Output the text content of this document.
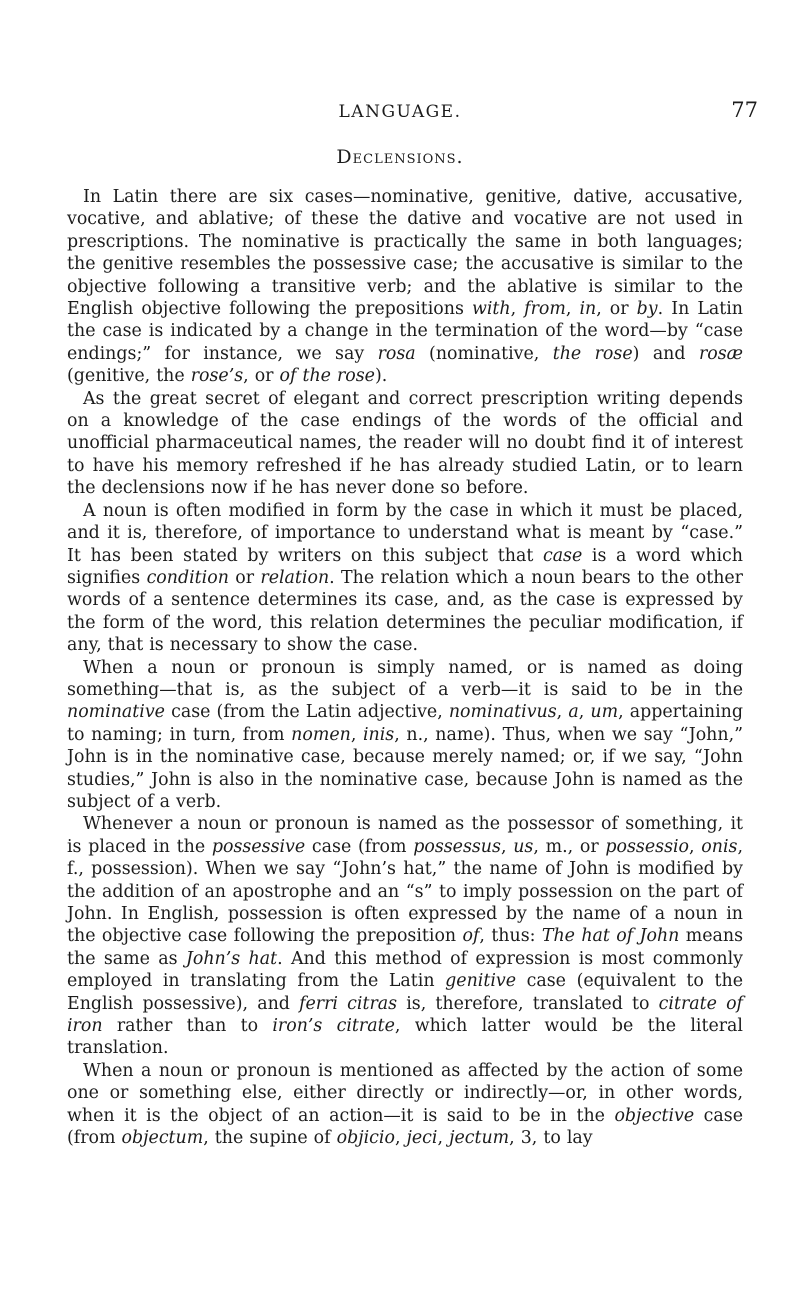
LANGUAGE.	77
Declensions.

In Latin there are six cases—nominative, genitive, dative, accusative, vocative, and ablative; of these the dative and vocative are not used in prescriptions. The nominative is practically the same in both languages; the genitive resembles the possessive case; the accusative is similar to the objective following a transitive verb; and the ablative is similar to the English objective following the prepositions with, from, in, or by. In Latin the case is indicated by a change in the termination of the word—by “case endings;” for instance, we say rosa (nominative, the rose) and rosæ (genitive, the rose’s, or of the rose).

As the great secret of elegant and correct prescription writing depends on a knowledge of the case endings of the words of the official and unofficial pharmaceutical names, the reader will no doubt find it of interest to have his memory refreshed if he has already studied Latin, or to learn the declensions now if he has never done so before.

A noun is often modified in form by the case in which it must be placed, and it is, therefore, of importance to understand what is meant by “case.” It has been stated by writers on this subject that case is a word which signifies condition or relation. The relation which a noun bears to the other words of a sentence determines its case, and, as the case is expressed by the form of the word, this relation determines the peculiar modification, if any, that is necessary to show the case.

When a noun or pronoun is simply named, or is named as doing something—that is, as the subject of a verb—it is said to be in the nominative case (from the Latin adjective, nominativus, a, um, appertaining to naming; in turn, from nomen, inis, n., name). Thus, when we say “John,” John is in the nominative case, because merely named; or, if we say, “John studies,” John is also in the nominative case, because John is named as the subject of a verb.

Whenever a noun or pronoun is named as the possessor of something, it is placed in the possessive case (from possessus, us, m., or possessio, onis, f., possession). When we say “John’s hat,” the name of John is modified by the addition of an apostrophe and an “s” to imply possession on the part of John. In English, possession is often expressed by the name of a noun in the objective case following the preposition of, thus: The hat of John means the same as John’s hat. And this method of expression is most commonly employed in translating from the Latin genitive case (equivalent to the English possessive), and ferri citras is, therefore, translated to citrate of iron rather than to iron’s citrate, which latter would be the literal translation.

When a noun or pronoun is mentioned as affected by the action of some one or something else, either directly or indirectly—or, in other words, when it is the object of an action—it is said to be in the objective case (from objectum, the supine of objicio, jeci, jectum, 3, to lay
